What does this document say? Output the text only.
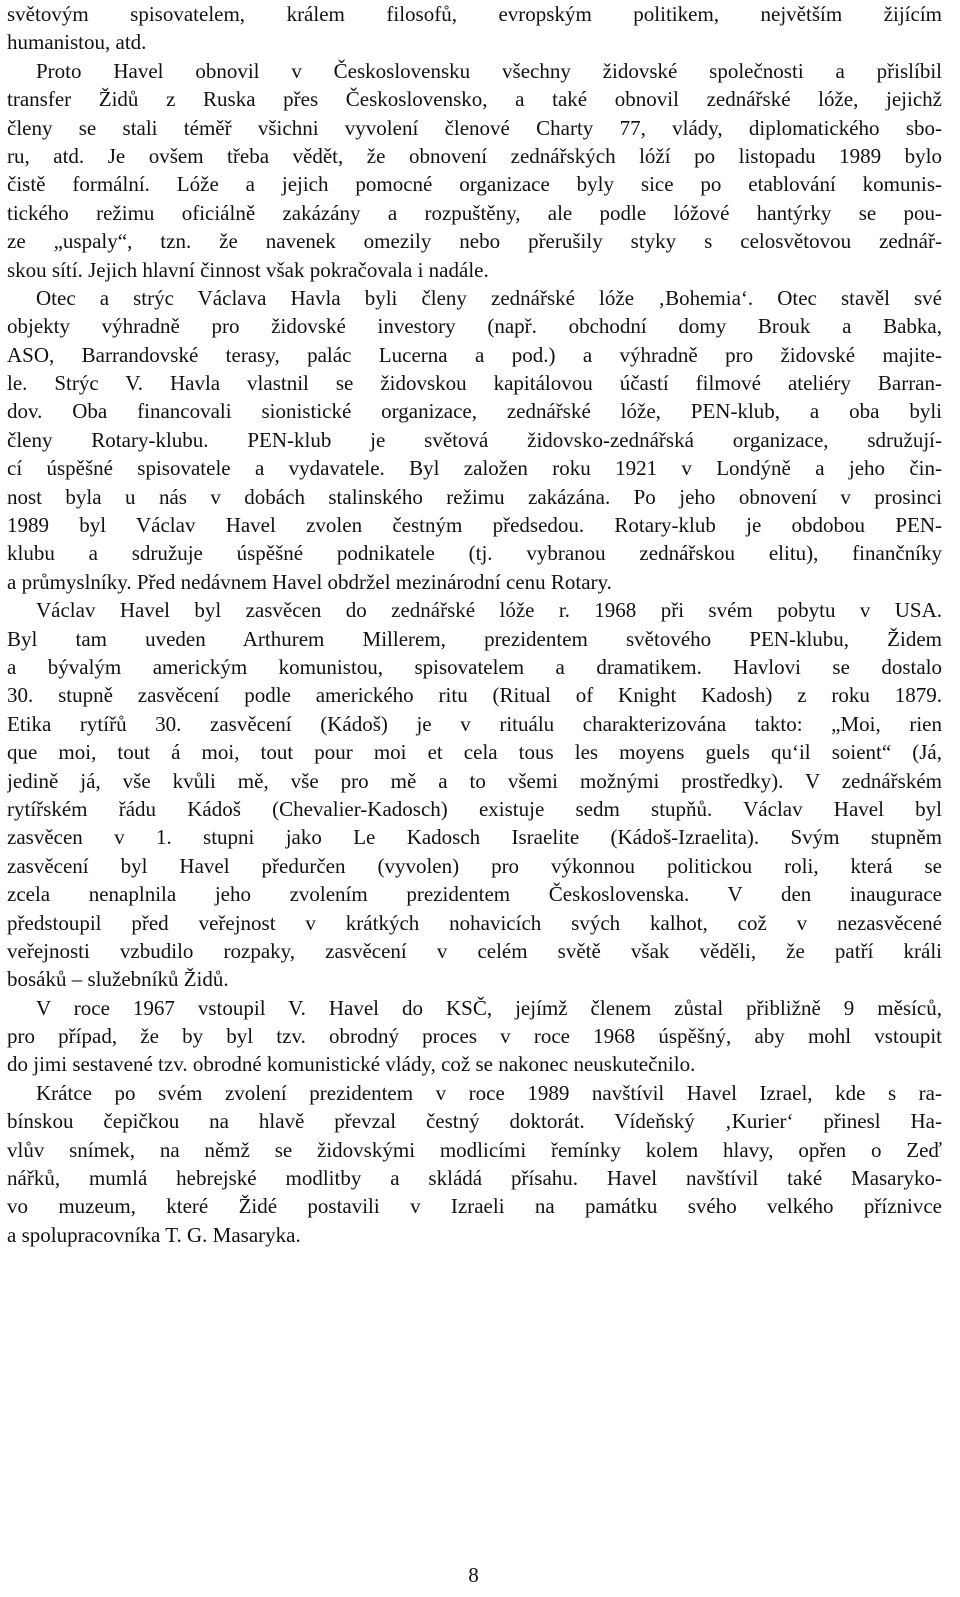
světovým spisovatelem, králem filosofů, evropským politikem, největším žijícím
humanistou, atd.
Proto Havel obnovil v Československu všechny židovské společnosti a přislíbil
transfer Židů z Ruska přes Československo, a také obnovil zednářské lóže, jejichž
členy se stali téměř všichni vyvolení členové Charty 77, vlády, diplomatického sbo-
ru, atd. Je ovšem třeba vědět, že obnovení zednářských lóží po listopadu 1989 bylo
čistě formální. Lóže a jejich pomocné organizace byly sice po etablování komunis-
tického režimu oficiálně zakázány a rozpuštěny, ale podle lóžové hantýrky se pou-
ze „uspaly“, tzn. že navenek omezily nebo přerušily styky s celosvětovou zednář-
skou sítí. Jejich hlavní činnost však pokračovala i nadále.
Otec a strýc Václava Havla byli členy zednářské lóže ‚Bohemia‘. Otec stavěl své
objekty výhradně pro židovské investory (např. obchodní domy Brouk a Babka,
ASO, Barrandovské terasy, palác Lucerna a pod.) a výhradně pro židovské majite-
le. Strýc V. Havla vlastnil se židovskou kapitálovou účastí filmové ateliéry Barran-
dov. Oba financovali sionistické organizace, zednářské lóže, PEN-klub, a oba byli
členy Rotary-klubu. PEN-klub je světová židovsko-zednářská organizace, sdružují-
cí úspěšné spisovatele a vydavatele. Byl založen roku 1921 v Londýně a jeho čin-
nost byla u nás v dobách stalinského režimu zakázána. Po jeho obnovení v prosinci
1989 byl Václav Havel zvolen čestným předsedou. Rotary-klub je obdobou PEN-
klubu a sdružuje úspěšné podnikatele (tj. vybranou zednářskou elitu), finančníky
a průmyslníky. Před nedávnem Havel obdržel mezinárodní cenu Rotary.
Václav Havel byl zasvěcen do zednářské lóže r. 1968 při svém pobytu v USA.
Byl tam uveden Arthurem Millerem, prezidentem světového PEN-klubu, Židem
a bývalým americkým komunistou, spisovatelem a dramatikem. Havlovi se dostalo
30. stupně zasvěcení podle amerického ritu (Ritual of Knight Kadosh) z roku 1879.
Etika rytířů 30. zasvěcení (Kádoš) je v rituálu charakterizována takto: „Moi, rien
que moi, tout á moi, tout pour moi et cela tous les moyens guels qu‘il soient“ (Já,
jedině já, vše kvůli mě, vše pro mě a to všemi možnými prostředky). V zednářském
rytířském řádu Kádoš (Chevalier-Kadosch) existuje sedm stupňů. Václav Havel byl
zasvěcen v 1. stupni jako Le Kadosch Israelite (Kádoš-Izraelita). Svým stupněm
zasvěcení byl Havel předurčen (vyvolen) pro výkonnou politickou roli, která se
zcela nenaplnila jeho zvolením prezidentem Československa. V den inaugurace
předstoupil před veřejnost v krátkých nohavicích svých kalhot, což v nezasvěcené
veřejnosti vzbudilo rozpaky, zasvěcení v celém světě však věděli, že patří králi
bosáků – služebníků Židů.
V roce 1967 vstoupil V. Havel do KSČ, jejímž členem zůstal přibližně 9 měsíců,
pro případ, že by byl tzv. obrodný proces v roce 1968 úspěšný, aby mohl vstoupit
do jimi sestavené tzv. obrodné komunistické vlády, což se nakonec neuskutečnilo.
Krátce po svém zvolení prezidentem v roce 1989 navštívil Havel Izrael, kde s ra-
bínskou čepičkou na hlavě převzal čestný doktorát. Vídeňský ‚Kurier‘ přinesl Ha-
vlův snímek, na němž se židovskými modlicími řemínky kolem hlavy, opřen o Zeď
nářků, mumlá hebrejské modlitby a skládá přísahu. Havel navštívil také Masaryko-
vo muzeum, které Židé postavili v Izraeli na památku svého velkého příznivce
a spolupracovníka T. G. Masaryka.
8
